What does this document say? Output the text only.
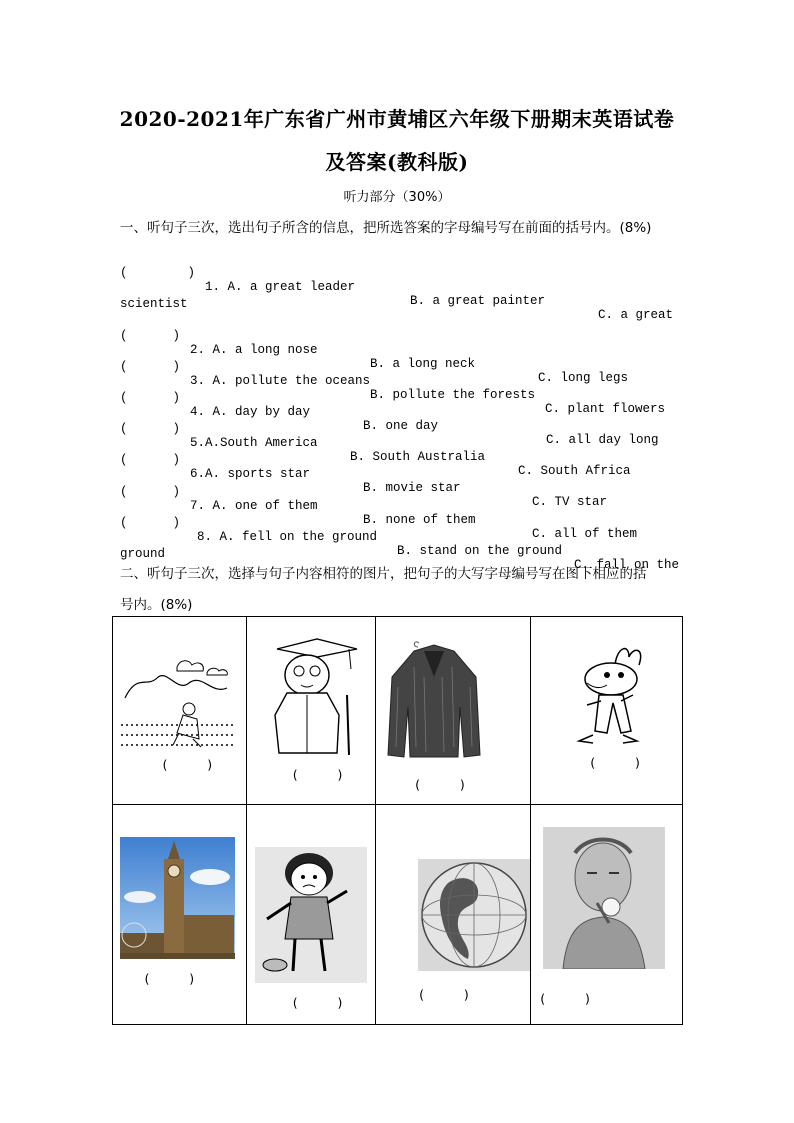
2020-2021年广东省广州市黄埔区六年级下册期末英语试卷
及答案(教科版)
听力部分（30%）
一、听句子三次，选出句子所含的信息，把所选答案的字母编号写在前面的括号内。(8%)

(        )

1. A. a great leader

B. a great painter

C. a great

scientist

(      )

2. A. a long nose

B. a long neck

C. long legs

(      )

3. A. pollute the oceans

B. pollute the forests

C. plant flowers

(      )

4. A. day by day

B. one day

C. all day long

(      )

5.A.South America

B. South Australia

C. South Africa

(      )

6.A. sports star

B. movie star

C. TV star

(      )

7. A. one of them

B. none of them

C. all of them

(      )

8. A. fell on the ground

B. stand on the ground

C. fall on the

ground

二、听句子三次，选择与句子内容相符的图片，把句子的大写字母编号写在图下相应的括
号内。(8%)
(     )	(     )	(     )	(     )

(     )	(     )	(     )	(     )
